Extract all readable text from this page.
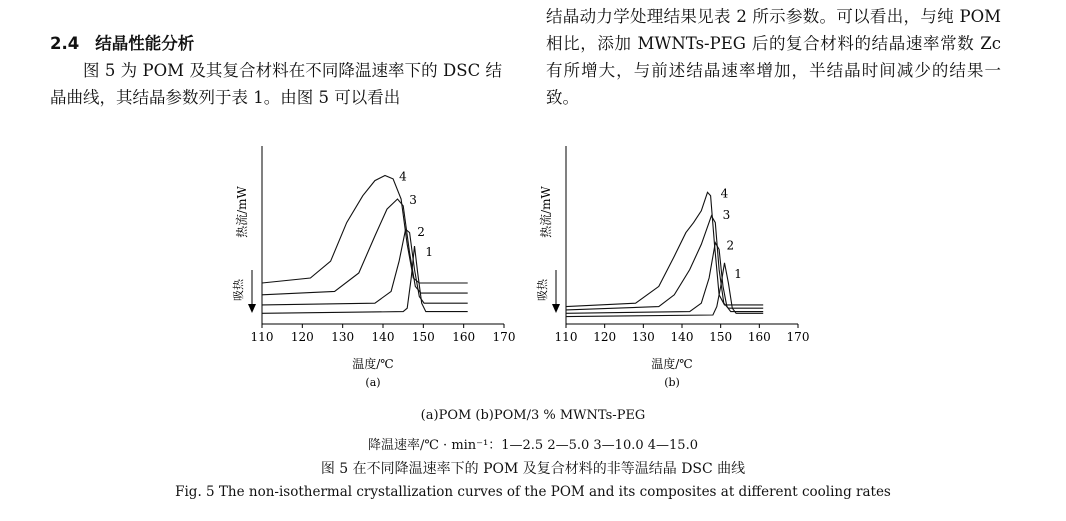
2.4 结晶性能分析

图 5 为 POM 及其复合材料在不同降温速率下的 DSC 结晶曲线，其结晶参数列于表 1。由图 5 可以看出

结晶动力学处理结果见表 2 所示参数。可以看出，与纯 POM 相比，添加 MWNTs-PEG 后的复合材料的结晶速率常数 Zc 有所增大，与前述结晶速率增加，半结晶时间减少的结果一致。

110 120 130 140 150 160 170
温度/℃
(a)
热流/mW
吸热
1
2
3
4
110 120 130 140 150 160 170
温度/℃
(b)
热流/mW
吸热
1
2
3
4
(a)POM (b)POM/3 % MWNTs-PEG
降温速率/℃ · min⁻¹：1—2.5 2—5.0 3—10.0 4—15.0
图 5 在不同降温速率下的 POM 及复合材料的非等温结晶 DSC 曲线
Fig. 5 The non-isothermal crystallization curves of the POM and its composites at different cooling rates
